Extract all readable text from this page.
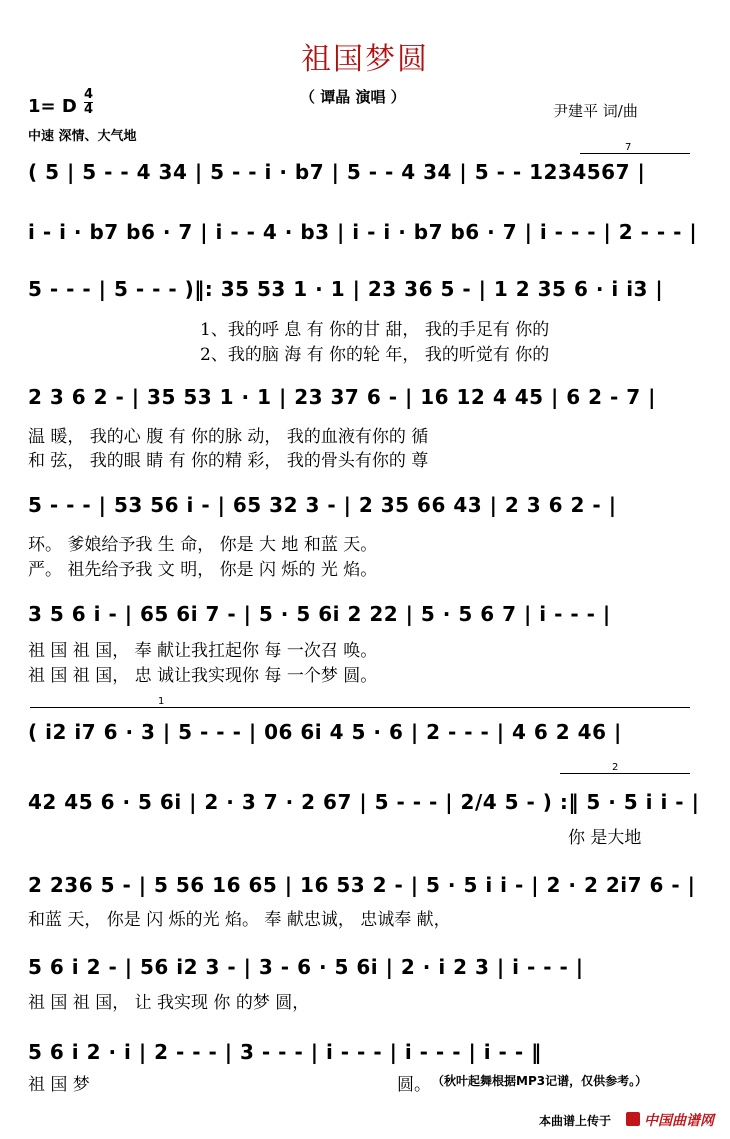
祖国梦圆
（ 谭晶 演唱 ）
尹建平 词/曲
1= D
4
4
中速 深情、大气地
( 5 | 5 - - 4 34 | 5 - - i · b7 | 5 - - 4 34 | 5 - - 1234567 |
7
i - i · b7 b6 · 7 | i - - 4 · b3 | i - i · b7 b6 · 7 | i - - - | 2 - - - |
5 - - - | 5 - - - )‖: 35 53 1 · 1 | 23 36 5 - | 1 2 35 6 · i i3 |
1、我的呼 息 有 你的甘 甜， 我的手足有 你的
2、我的脑 海 有 你的轮 年， 我的听觉有 你的
2 3 6 2 - | 35 53 1 · 1 | 23 37 6 - | 16 12 4 45 | 6 2 - 7 |
温 暖， 我的心 腹 有 你的脉 动， 我的血液有你的 循
和 弦， 我的眼 睛 有 你的精 彩， 我的骨头有你的 尊
5 - - - | 53 56 i - | 65 32 3 - | 2 35 66 43 | 2 3 6 2 - |
环。 爹娘给予我 生 命， 你是 大 地 和蓝 天。
严。 祖先给予我 文 明， 你是 闪 烁的 光 焰。
3 5 6 i - | 65 6i 7 - | 5 · 5 6i 2 22 | 5 · 5 6 7 | i - - - |
祖 国 祖 国， 奉 献让我扛起你 每 一次召 唤。
祖 国 祖 国， 忠 诚让我实现你 每 一个梦 圆。
1
( i2 i7 6 · 3 | 5 - - - | 06 6i 4 5 · 6 | 2 - - - | 4 6 2 46 |
42 45 6 · 5 6i | 2 · 3 7 · 2 67 | 5 - - - | 2/4 5 - ) :‖ 5 · 5 i i - |
2
你 是大地
2 236 5 - | 5 56 16 65 | 16 53 2 - | 5 · 5 i i - | 2 · 2 2i7 6 - |
和蓝 天， 你是 闪 烁的光 焰。 奉 献忠诚， 忠诚奉 献，
5 6 i 2 - | 56 i2 3 - | 3 - 6 · 5 6i | 2 · i 2 3 | i - - - |
祖 国 祖 国， 让 我实现 你 的梦 圆，
5 6 i 2 · i | 2 - - - | 3 - - - | i - - - | i - - - | i - - ‖
祖 国 梦	圆。 （秋叶起舞根据MP3记谱，仅供参考。）
本曲谱上传于 中国曲谱网
